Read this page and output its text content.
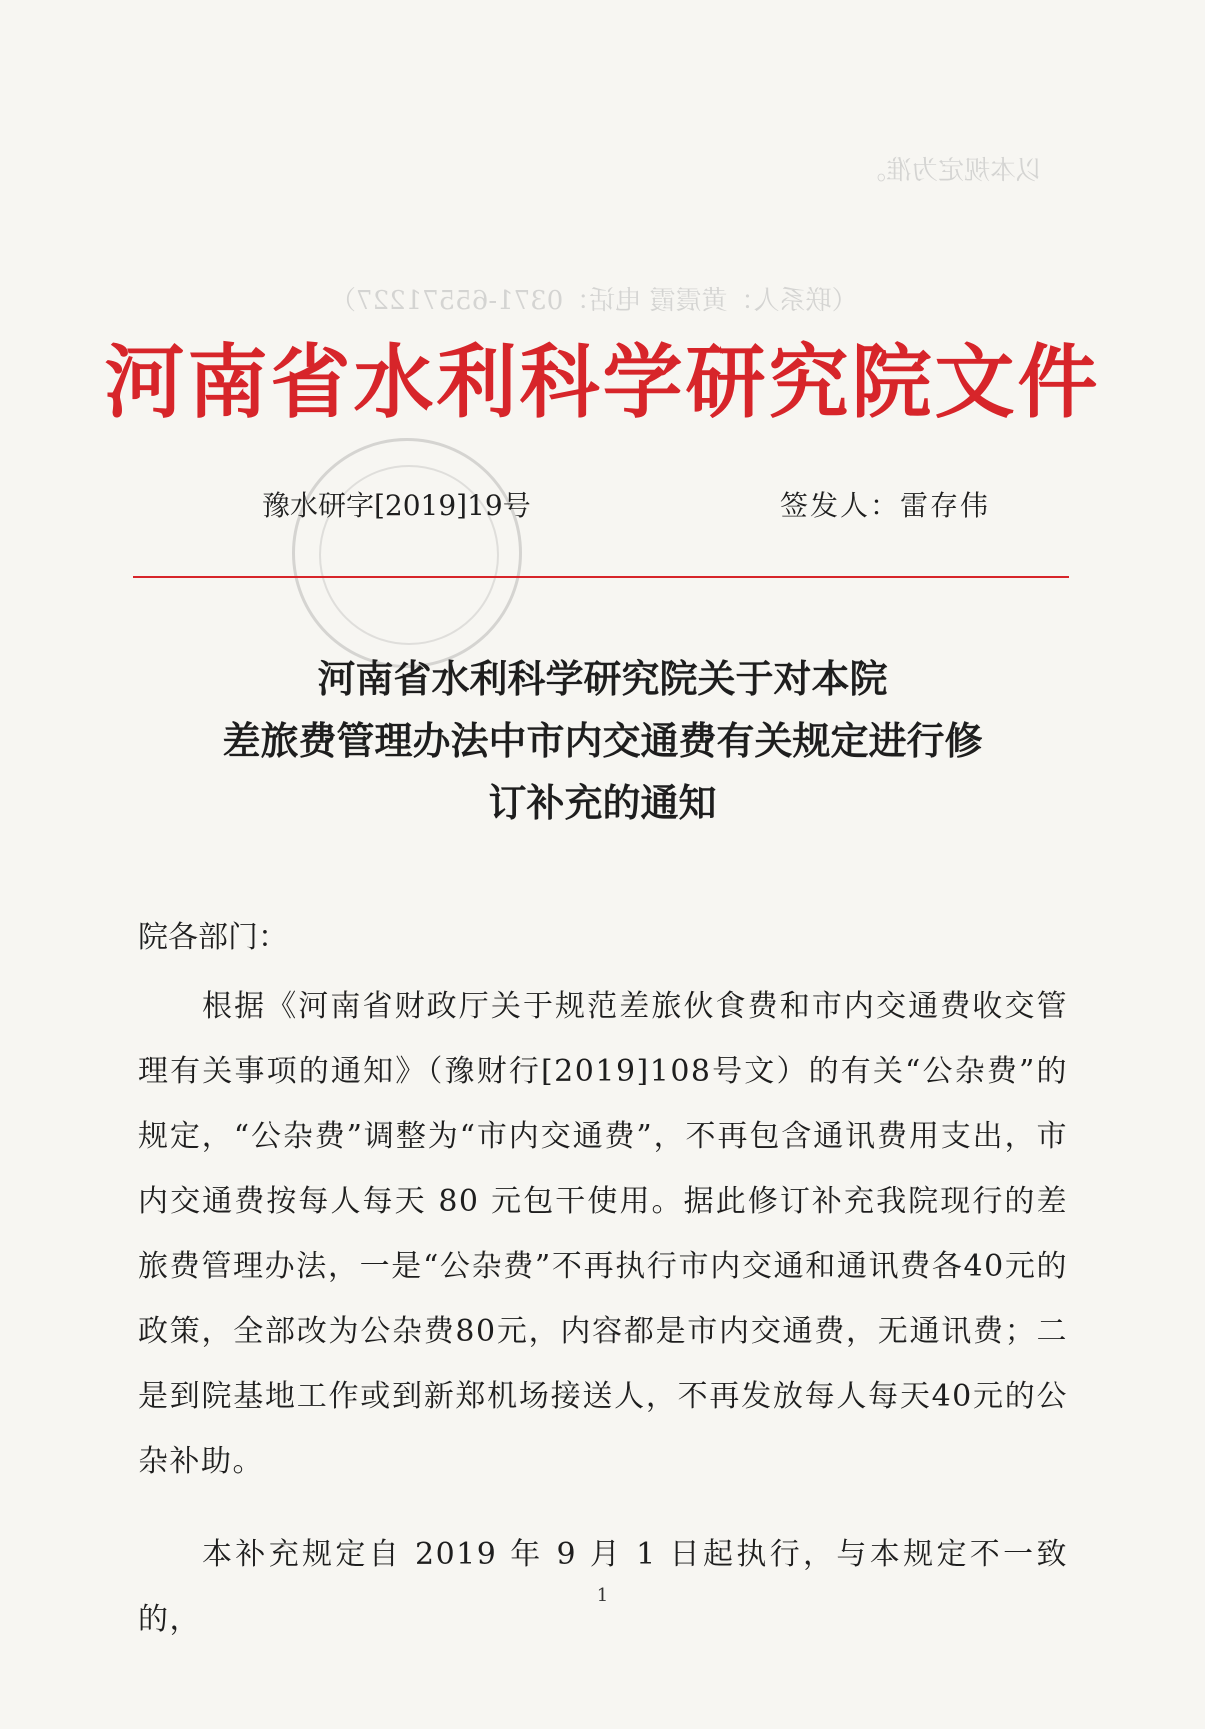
以本规定为准。
（联系人：黄震霞 电话：0371-65571227）
河南省水利科学研究院文件
豫水研字[2019]19号	签发人：雷存伟
河南省水利科学研究院关于对本院
差旅费管理办法中市内交通费有关规定进行修
订补充的通知
院各部门：

根据《河南省财政厅关于规范差旅伙食费和市内交通费收交管理有关事项的通知》（豫财行[2019]108号文）的有关“公杂费”的规定，“公杂费”调整为“市内交通费”，不再包含通讯费用支出，市内交通费按每人每天 80 元包干使用。据此修订补充我院现行的差旅费管理办法，一是“公杂费”不再执行市内交通和通讯费各40元的政策，全部改为公杂费80元，内容都是市内交通费，无通讯费；二是到院基地工作或到新郑机场接送人，不再发放每人每天40元的公杂补助。

本补充规定自 2019 年 9 月 1 日起执行，与本规定不一致的，

1
